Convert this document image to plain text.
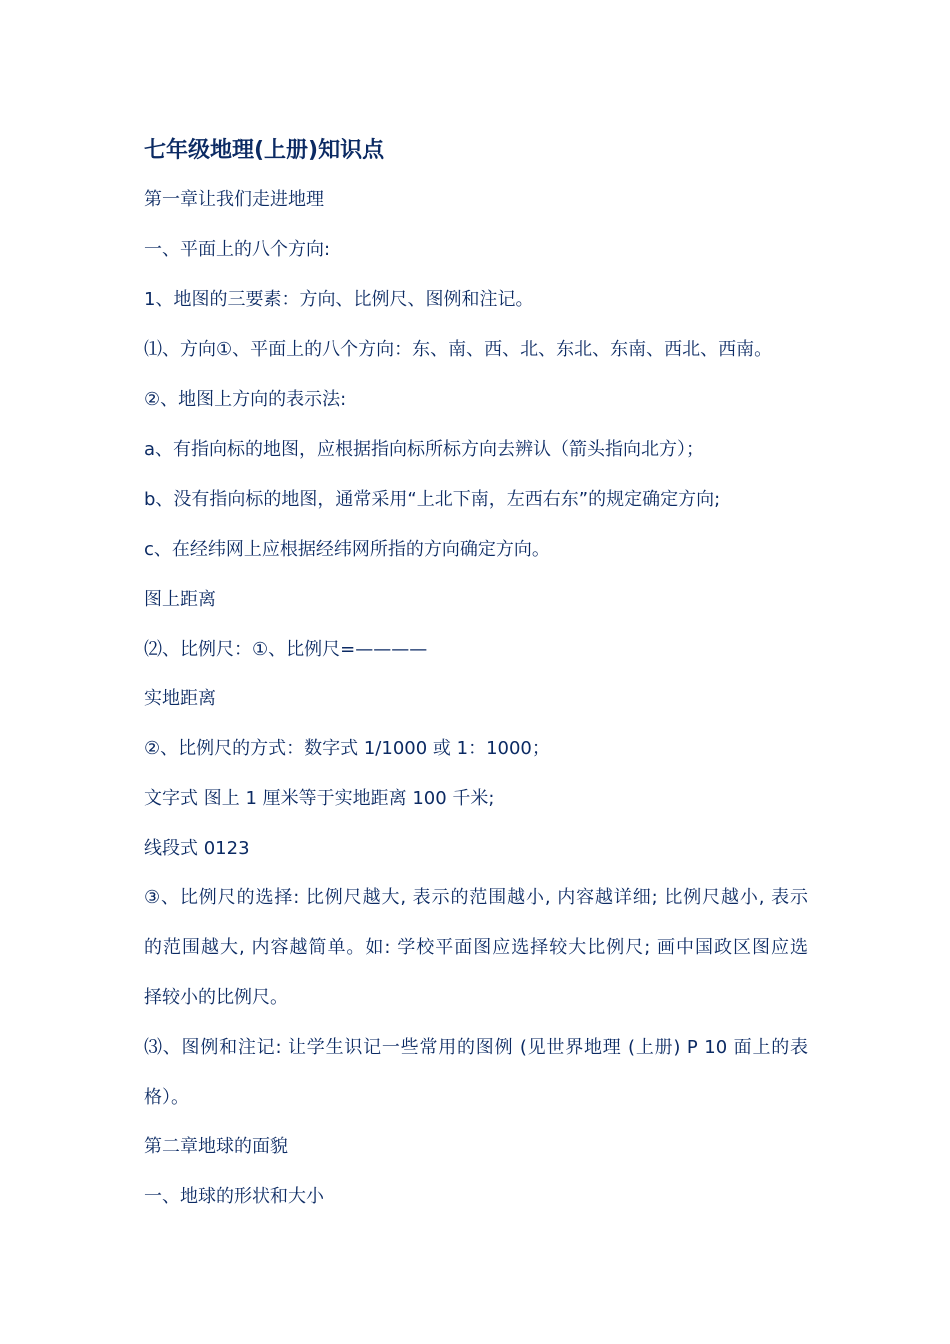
七年级地理(上册)知识点
第一章让我们走进地理
一、平面上的八个方向:
1、地图的三要素：方向、比例尺、图例和注记。
⑴、方向①、平面上的八个方向：东、南、西、北、东北、东南、西北、西南。
②、地图上方向的表示法:
a、有指向标的地图，应根据指向标所标方向去辨认（箭头指向北方）；
b、没有指向标的地图，通常采用“上北下南，左西右东”的规定确定方向;
c、在经纬网上应根据经纬网所指的方向确定方向。
图上距离
⑵、比例尺：①、比例尺=————
实地距离
②、比例尺的方式：数字式 1/1000 或 1：1000；
文字式 图上 1 厘米等于实地距离 100 千米;
线段式 0123
③、比例尺的选择: 比例尺越大, 表示的范围越小, 内容越详细; 比例尺越小, 表示
的范围越大, 内容越简单。如: 学校平面图应选择较大比例尺; 画中国政区图应选
择较小的比例尺。
⑶、图例和注记: 让学生识记一些常用的图例 (见世界地理 (上册) P 10 面上的表
格）。
第二章地球的面貌
一、地球的形状和大小
